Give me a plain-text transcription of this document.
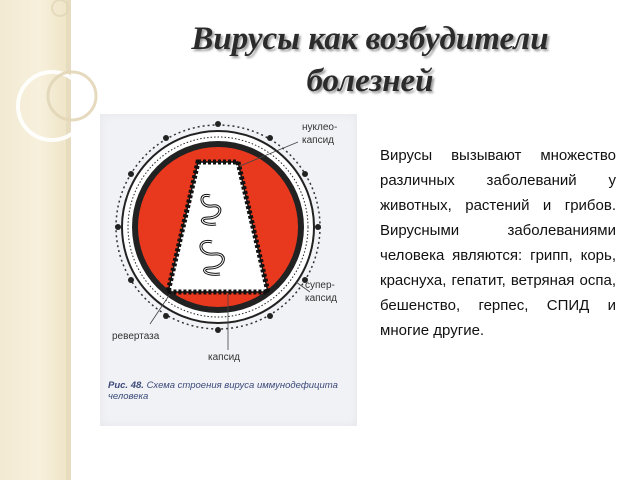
Вирусы как возбудители
болезней
нуклео-
капсид
супер-
капсид
ревертаза
капсид
Рис. 48. Схема строения вируса иммунодефицита человека

Вирусы вызывают множество различных заболеваний у животных, растений и грибов. Вирусными заболеваниями человека являются: грипп, корь, краснуха, гепатит, ветряная оспа, бешенство, герпес, СПИД и многие другие.
